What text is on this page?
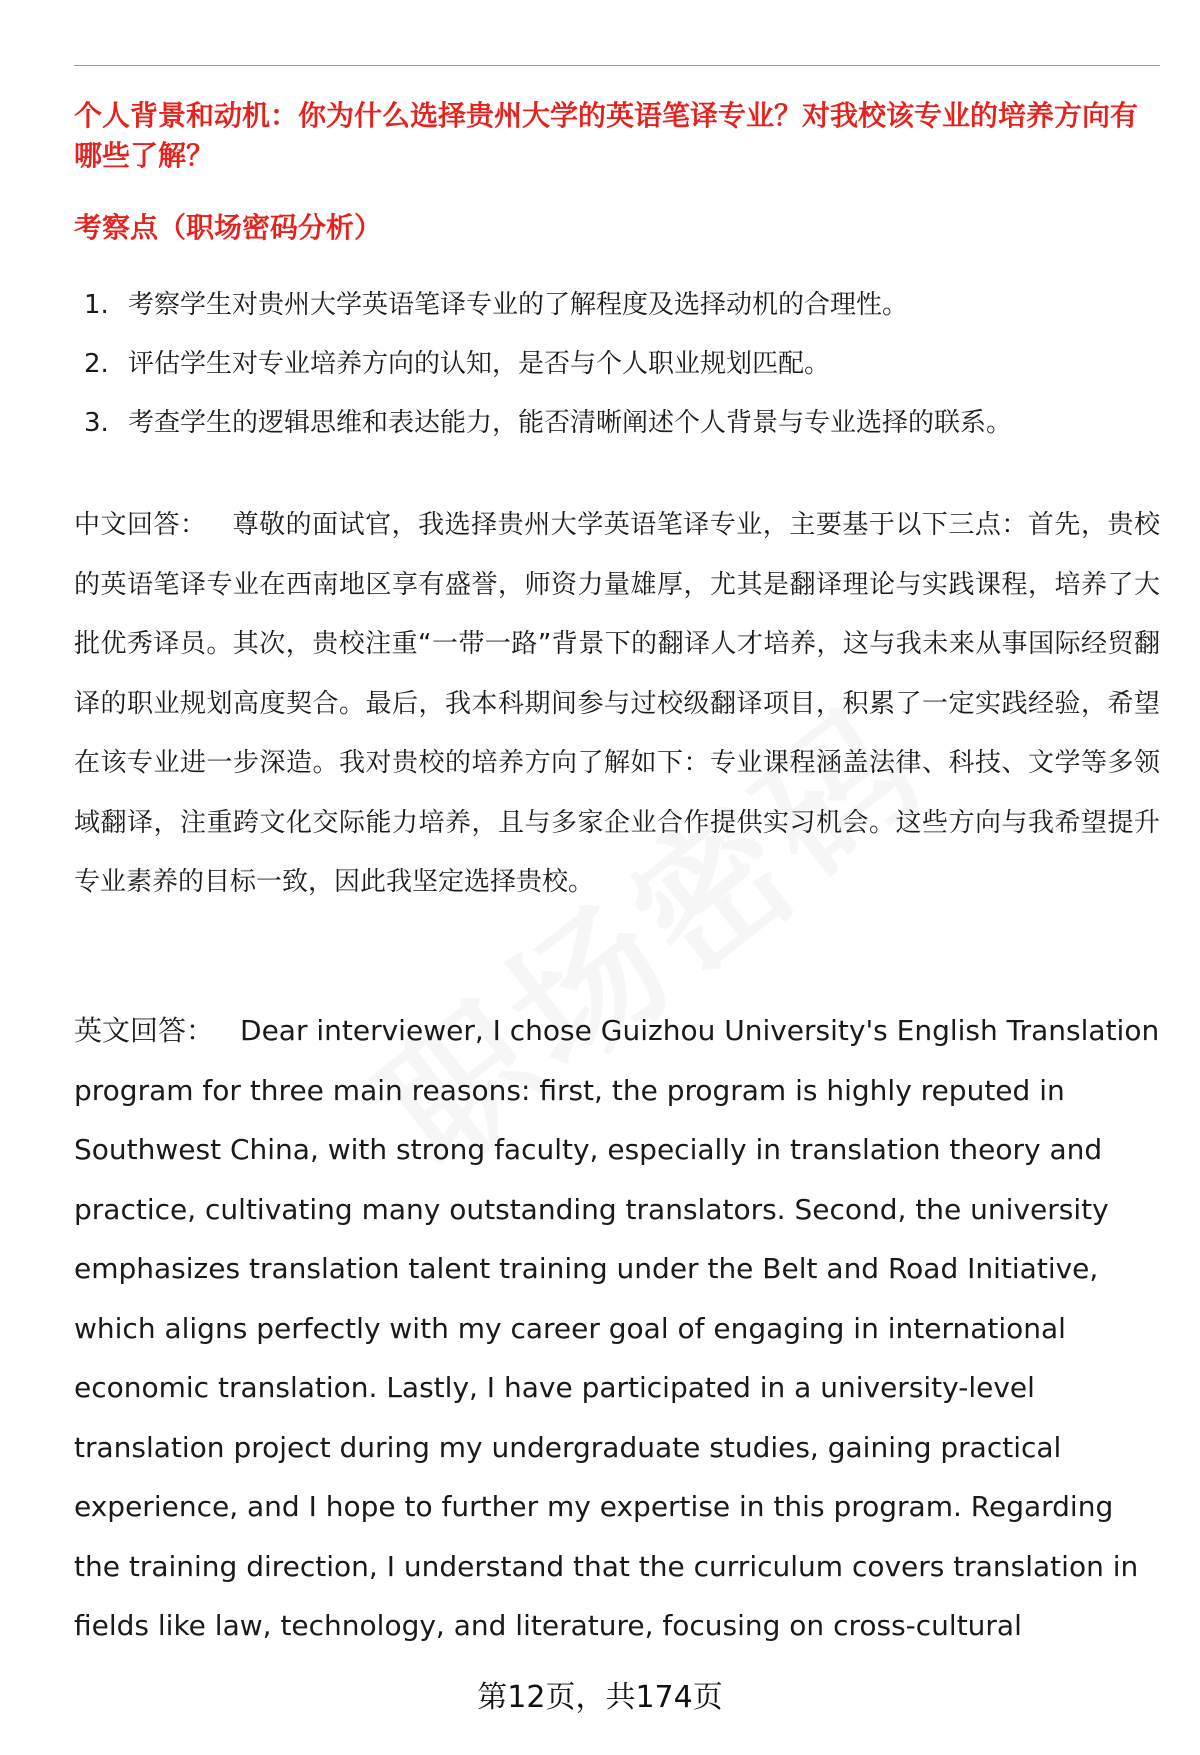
个人背景和动机：你为什么选择贵州大学的英语笔译专业？对我校该专业的培养方向有哪些了解？
考察点（职场密码分析）
1. 考察学生对贵州大学英语笔译专业的了解程度及选择动机的合理性。
2. 评估学生对专业培养方向的认知，是否与个人职业规划匹配。
3. 考查学生的逻辑思维和表达能力，能否清晰阐述个人背景与专业选择的联系。

中文回答： 尊敬的面试官，我选择贵州大学英语笔译专业，主要基于以下三点：首先，贵校的英语笔译专业在西南地区享有盛誉，师资力量雄厚，尤其是翻译理论与实践课程，培养了大批优秀译员。其次，贵校注重“一带一路”背景下的翻译人才培养，这与我未来从事国际经贸翻译的职业规划高度契合。最后，我本科期间参与过校级翻译项目，积累了一定实践经验，希望在该专业进一步深造。我对贵校的培养方向了解如下：专业课程涵盖法律、科技、文学等多领域翻译，注重跨文化交际能力培养，且与多家企业合作提供实习机会。这些方向与我希望提升专业素养的目标一致，因此我坚定选择贵校。

英文回答： Dear interviewer, I chose Guizhou University's English Translation program for three main reasons: first, the program is highly reputed in Southwest China, with strong faculty, especially in translation theory and practice, cultivating many outstanding translators. Second, the university emphasizes translation talent training under the Belt and Road Initiative, which aligns perfectly with my career goal of engaging in international economic translation. Lastly, I have participated in a university-level translation project during my undergraduate studies, gaining practical experience, and I hope to further my expertise in this program. Regarding the training direction, I understand that the curriculum covers translation in fields like law, technology, and literature, focusing on cross-cultural

第12页，共174页
